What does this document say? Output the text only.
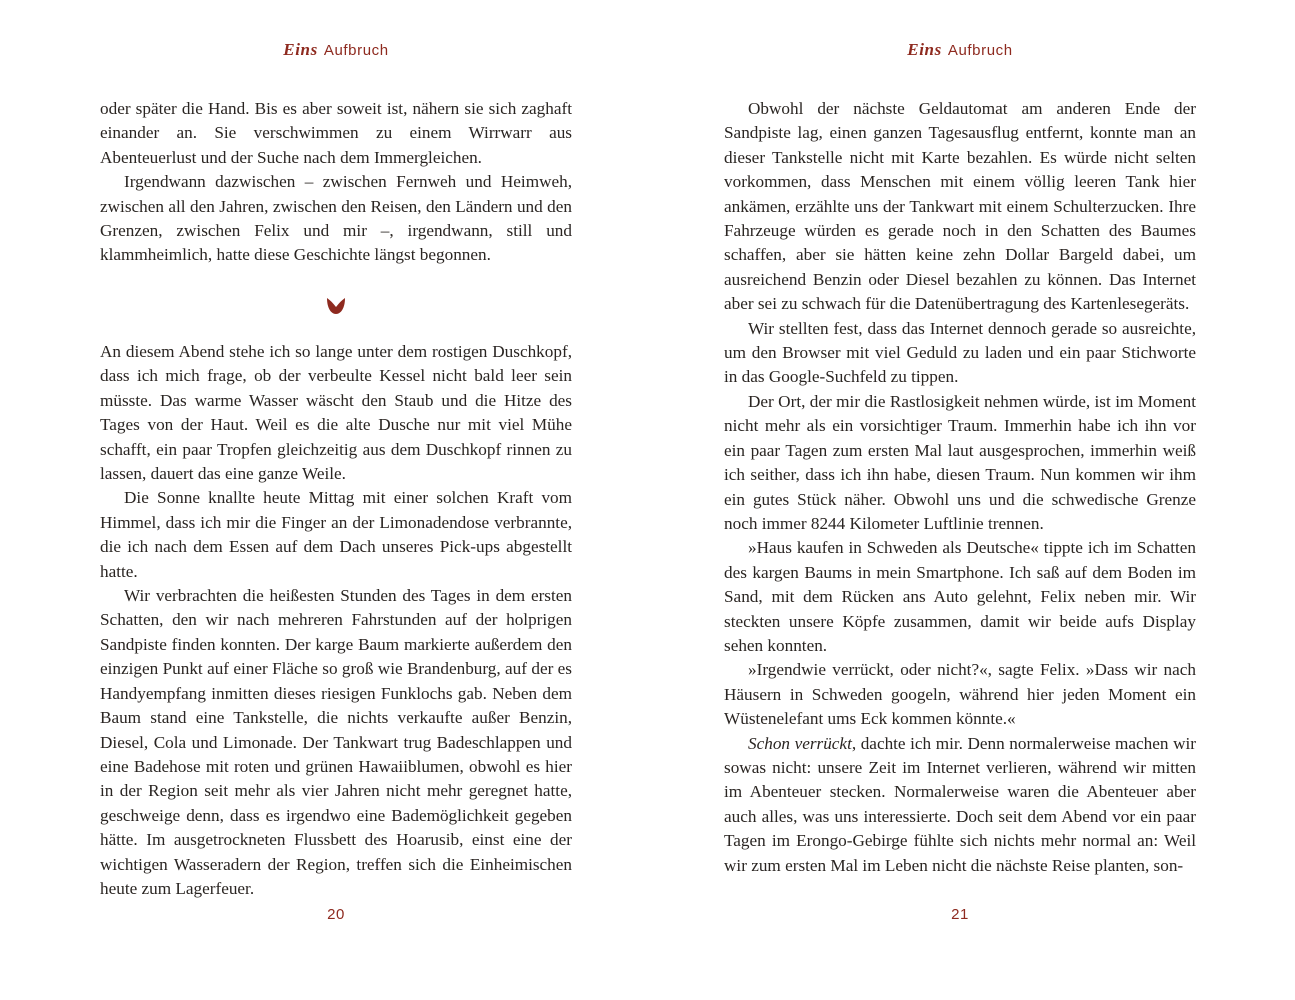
Eins Aufbruch

oder später die Hand. Bis es aber soweit ist, nähern sie sich zaghaft einander an. Sie verschwimmen zu einem Wirrwarr aus Abenteuerlust und der Suche nach dem Immergleichen.

Irgendwann dazwischen – zwischen Fernweh und Heimweh, zwischen all den Jahren, zwischen den Reisen, den Ländern und den Grenzen, zwischen Felix und mir –, irgendwann, still und klammheimlich, hatte diese Geschichte längst begonnen.

An diesem Abend stehe ich so lange unter dem rostigen Duschkopf, dass ich mich frage, ob der verbeulte Kessel nicht bald leer sein müsste. Das warme Wasser wäscht den Staub und die Hitze des Tages von der Haut. Weil es die alte Dusche nur mit viel Mühe schafft, ein paar Tropfen gleichzeitig aus dem Duschkopf rinnen zu lassen, dauert das eine ganze Weile.

Die Sonne knallte heute Mittag mit einer solchen Kraft vom Himmel, dass ich mir die Finger an der Limonadendose verbrannte, die ich nach dem Essen auf dem Dach unseres Pick-ups abgestellt hatte.

Wir verbrachten die heißesten Stunden des Tages in dem ersten Schatten, den wir nach mehreren Fahrstunden auf der holprigen Sandpiste finden konnten. Der karge Baum markierte außerdem den einzigen Punkt auf einer Fläche so groß wie Brandenburg, auf der es Handyempfang inmitten dieses riesigen Funklochs gab. Neben dem Baum stand eine Tankstelle, die nichts verkaufte außer Benzin, Diesel, Cola und Limonade. Der Tankwart trug Badeschlappen und eine Badehose mit roten und grünen Hawaiiblumen, obwohl es hier in der Region seit mehr als vier Jahren nicht mehr geregnet hatte, geschweige denn, dass es irgendwo eine Bademöglichkeit gegeben hätte. Im ausgetrockneten Flussbett des Hoarusib, einst eine der wichtigen Wasseradern der Region, treffen sich die Einheimischen heute zum Lagerfeuer.

20
Eins Aufbruch

Obwohl der nächste Geldautomat am anderen Ende der Sandpiste lag, einen ganzen Tagesausflug entfernt, konnte man an dieser Tankstelle nicht mit Karte bezahlen. Es würde nicht selten vorkommen, dass Menschen mit einem völlig leeren Tank hier ankämen, erzählte uns der Tankwart mit einem Schulterzucken. Ihre Fahrzeuge würden es gerade noch in den Schatten des Baumes schaffen, aber sie hätten keine zehn Dollar Bargeld dabei, um ausreichend Benzin oder Diesel bezahlen zu können. Das Internet aber sei zu schwach für die Datenübertragung des Kartenlesegeräts.

Wir stellten fest, dass das Internet dennoch gerade so ausreichte, um den Browser mit viel Geduld zu laden und ein paar Stichworte in das Google-Suchfeld zu tippen.

Der Ort, der mir die Rastlosigkeit nehmen würde, ist im Moment nicht mehr als ein vorsichtiger Traum. Immerhin habe ich ihn vor ein paar Tagen zum ersten Mal laut ausgesprochen, immerhin weiß ich seither, dass ich ihn habe, diesen Traum. Nun kommen wir ihm ein gutes Stück näher. Obwohl uns und die schwedische Grenze noch immer 8244 Kilometer Luftlinie trennen.

»Haus kaufen in Schweden als Deutsche« tippte ich im Schatten des kargen Baums in mein Smartphone. Ich saß auf dem Boden im Sand, mit dem Rücken ans Auto gelehnt, Felix neben mir. Wir steckten unsere Köpfe zusammen, damit wir beide aufs Display sehen konnten.

»Irgendwie verrückt, oder nicht?«, sagte Felix. »Dass wir nach Häusern in Schweden googeln, während hier jeden Moment ein Wüstenelefant ums Eck kommen könnte.«

Schon verrückt, dachte ich mir. Denn normalerweise machen wir sowas nicht: unsere Zeit im Internet verlieren, während wir mitten im Abenteuer stecken. Normalerweise waren die Abenteuer aber auch alles, was uns interessierte. Doch seit dem Abend vor ein paar Tagen im Erongo-Gebirge fühlte sich nichts mehr normal an: Weil wir zum ersten Mal im Leben nicht die nächste Reise planten, son-

21
